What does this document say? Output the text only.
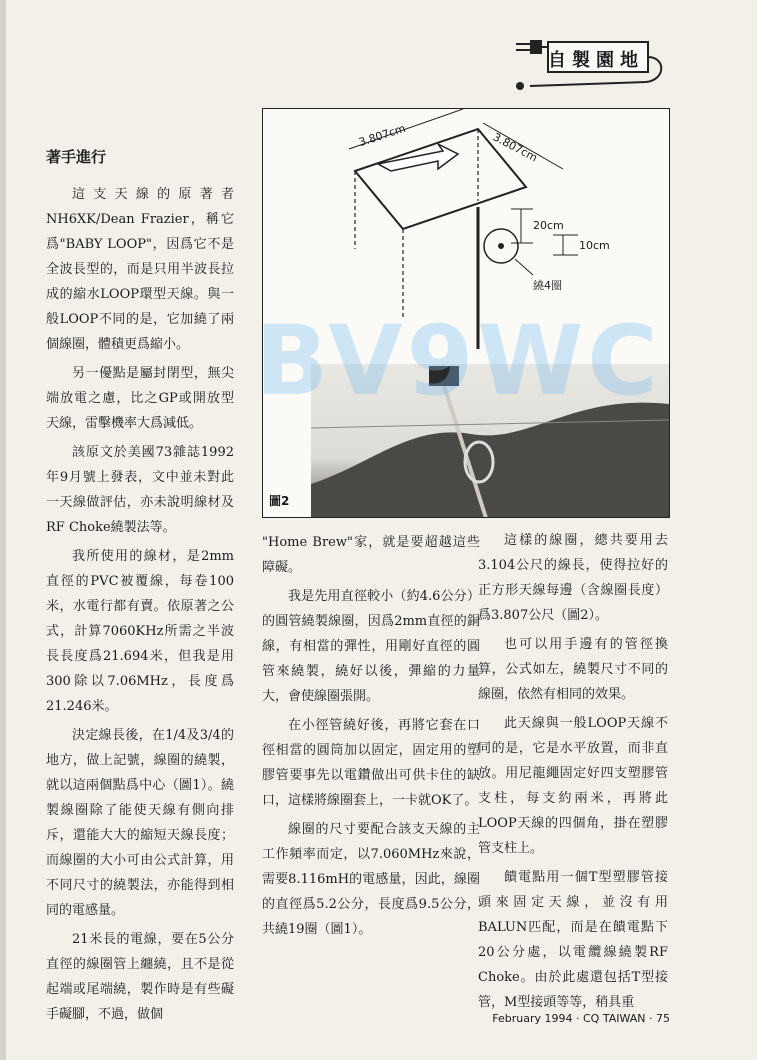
自製園地
著手進行

這支天線的原著者NH6XK/Dean Frazier，稱它爲"BABY LOOP"，因爲它不是全波長型的，而是只用半波長拉成的縮水LOOP環型天線。與一般LOOP不同的是，它加繞了兩個線圈，體積更爲縮小。

另一優點是屬封閉型，無尖端放電之慮，比之GP或開放型天線，雷擊機率大爲減低。

該原文於美國73雜誌1992年9月號上發表，文中並未對此一天線做評估，亦未說明線材及RF Choke繞製法等。

我所使用的線材，是2mm直徑的PVC被覆線，每卷100米，水電行都有賣。依原著之公式，計算7060KHz所需之半波長長度爲21.694米，但我是用300除以7.06MHz，長度爲21.246米。

決定線長後，在1/4及3/4的地方，做上記號，線圈的繞製，就以這兩個點爲中心（圖1）。繞製線圈除了能使天線有側向排斥，還能大大的縮短天線長度；而線圈的大小可由公式計算，用不同尺寸的繞製法，亦能得到相同的電感量。

21米長的電線，要在5公分直徑的線圈管上纏繞，且不是從起端或尾端繞，製作時是有些礙手礙腳，不過，做個

3.807cm	3.807cm
20cm
10cm
繞4圈
圖2

"Home Brew"家，就是要超越這些障礙。

我是先用直徑較小（約4.6公分）的圓管繞製線圈，因爲2mm直徑的銅線，有相當的彈性，用剛好直徑的圓管來繞製，繞好以後，彈縮的力量大，會使線圈張開。

在小徑管繞好後，再將它套在口徑相當的圓筒加以固定，固定用的塑膠管要事先以電鑽做出可供卡住的缺口，這樣將線圈套上，一卡就OK了。

線圈的尺寸要配合該支天線的主工作頻率而定，以7.060MHz來說，需要8.116mH的電感量，因此，線圈的直徑爲5.2公分，長度爲9.5公分，共繞19圈（圖1）。

這樣的線圈，總共要用去3.104公尺的線長，使得拉好的正方形天線每邊（含線圈長度）爲3.807公尺（圖2）。

也可以用手邊有的管徑換算，公式如左，繞製尺寸不同的線圈，依然有相同的效果。

此天線與一般LOOP天線不同的是，它是水平放置，而非直放。用尼龍繩固定好四支塑膠管支柱，每支約兩米，再將此LOOP天線的四個角，掛在塑膠管支柱上。

饋電點用一個T型塑膠管接頭來固定天線，並沒有用BALUN匹配，而是在饋電點下20公分處，以電纜線繞製RF Choke。由於此處還包括T型接管，M型接頭等等，稍具重

BV9WC
February 1994 · CQ TAIWAN · 75
